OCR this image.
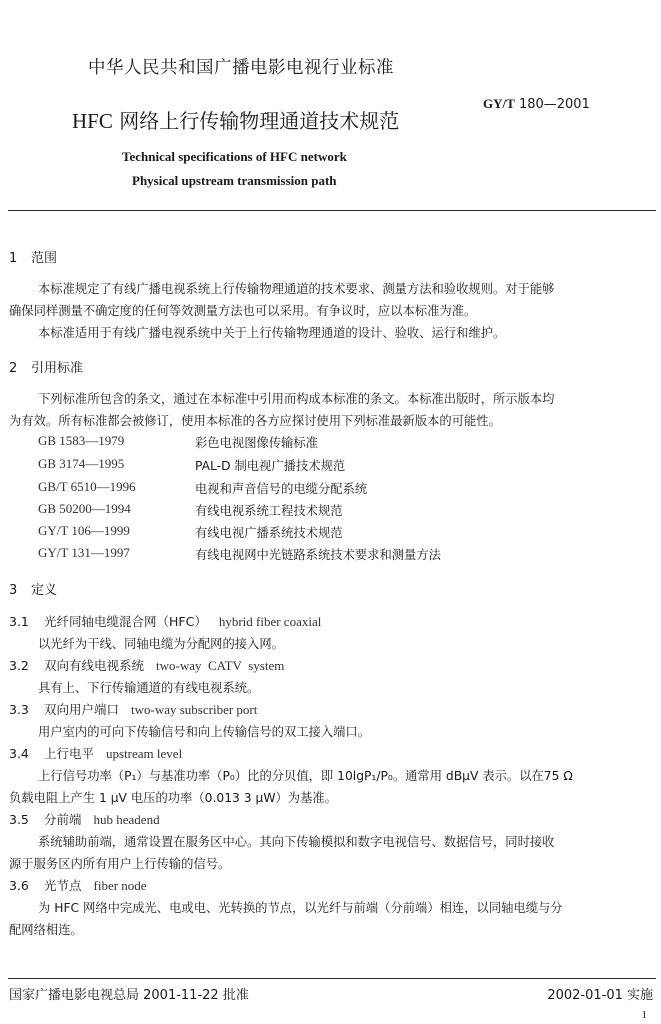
中华人民共和国广播电影电视行业标准
GY/T 180—2001
HFC 网络上行传输物理通道技术规范
Technical specifications of HFC network
Physical upstream transmission path
1 范围
本标准规定了有线广播电视系统上行传输物理通道的技术要求、测量方法和验收规则。对于能够
确保同样测量不确定度的任何等效测量方法也可以采用。有争议时，应以本标准为准。
本标准适用于有线广播电视系统中关于上行传输物理通道的设计、验收、运行和维护。
2 引用标准
下列标准所包含的条文，通过在本标准中引用而构成本标准的条文。本标准出版时，所示版本均
为有效。所有标准都会被修订，使用本标准的各方应探讨使用下列标准最新版本的可能性。
GB 1583—1979	彩色电视图像传输标准
GB 3174—1995	PAL-D 制电视广播技术规范
GB/T 6510—1996	电视和声音信号的电缆分配系统
GB 50200—1994	有线电视系统工程技术规范
GY/T 106—1999	有线电视广播系统技术规范
GY/T 131—1997	有线电视网中光链路系统技术要求和测量方法
3 定义
3.1 光纤同轴电缆混合网（HFC） hybrid fiber coaxial
以光纤为干线、同轴电缆为分配网的接入网。
3.2 双向有线电视系统 two-way  CATV  system
具有上、下行传输通道的有线电视系统。
3.3 双向用户端口 two-way subscriber port
用户室内的可向下传输信号和向上传输信号的双工接入端口。
3.4 上行电平 upstream level
上行信号功率（P₁）与基准功率（P₀）比的分贝值，即 10lgP₁/P₀。通常用 dBμV 表示。以在75 Ω
负载电阻上产生 1 μV 电压的功率（0.013 3 μW）为基准。
3.5 分前端 hub headend
系统辅助前端，通常设置在服务区中心。其向下传输模拟和数字电视信号、数据信号，同时接收
源于服务区内所有用户上行传输的信号。
3.6 光节点 fiber node
为 HFC 网络中完成光、电或电、光转换的节点，以光纤与前端（分前端）相连，以同轴电缆与分
配网络相连。
国家广播电影电视总局 2001-11-22 批准	2002-01-01 实施
1
